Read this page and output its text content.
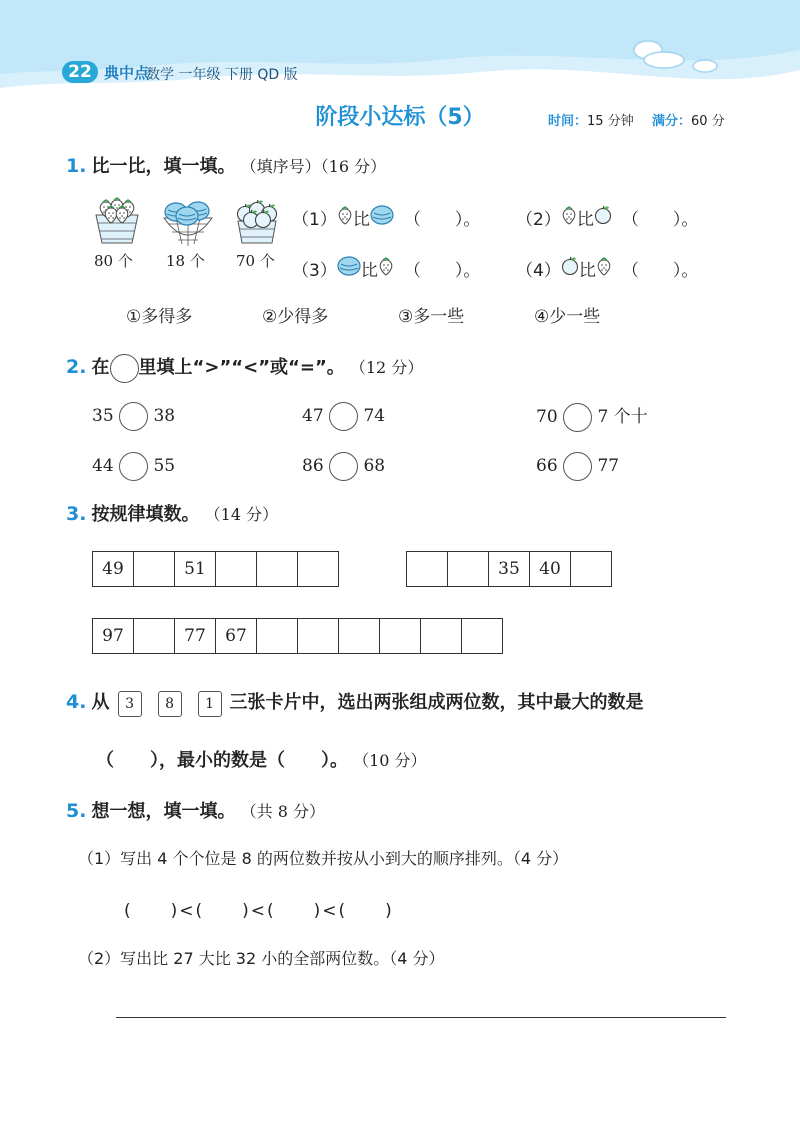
22 典中点
数学 一年级 下册 QD 版
阶段小达标（5）	时间：15 分钟 满分：60 分
1. 比一比，填一填。 （填序号）（16 分）
80 个 18 个 70 个
（1） 比 （　　）。 （2） 比 （　　）。
（3） 比 （　　）。 （4） 比 （　　）。
①多得多	②少得多	③多一些	④少一些
2. 在 里填上“>”“<”或“=”。 （12 分）
35 38	47 74	70 7 个十
44 55	86 68	66 77
3. 按规律填数。 （14 分）
49		51			
			35	40	
97		77	67						
4. 从 3 8 1 三张卡片中，选出两张组成两位数，其中最大的数是
（　　），最小的数是（　　）。 （10 分）
5. 想一想，填一填。 （共 8 分）
（1）写出 4 个个位是 8 的两位数并按从小到大的顺序排列。（4 分）
(　　)<(　　)<(　　)<(　　)
（2）写出比 27 大比 32 小的全部两位数。（4 分）
